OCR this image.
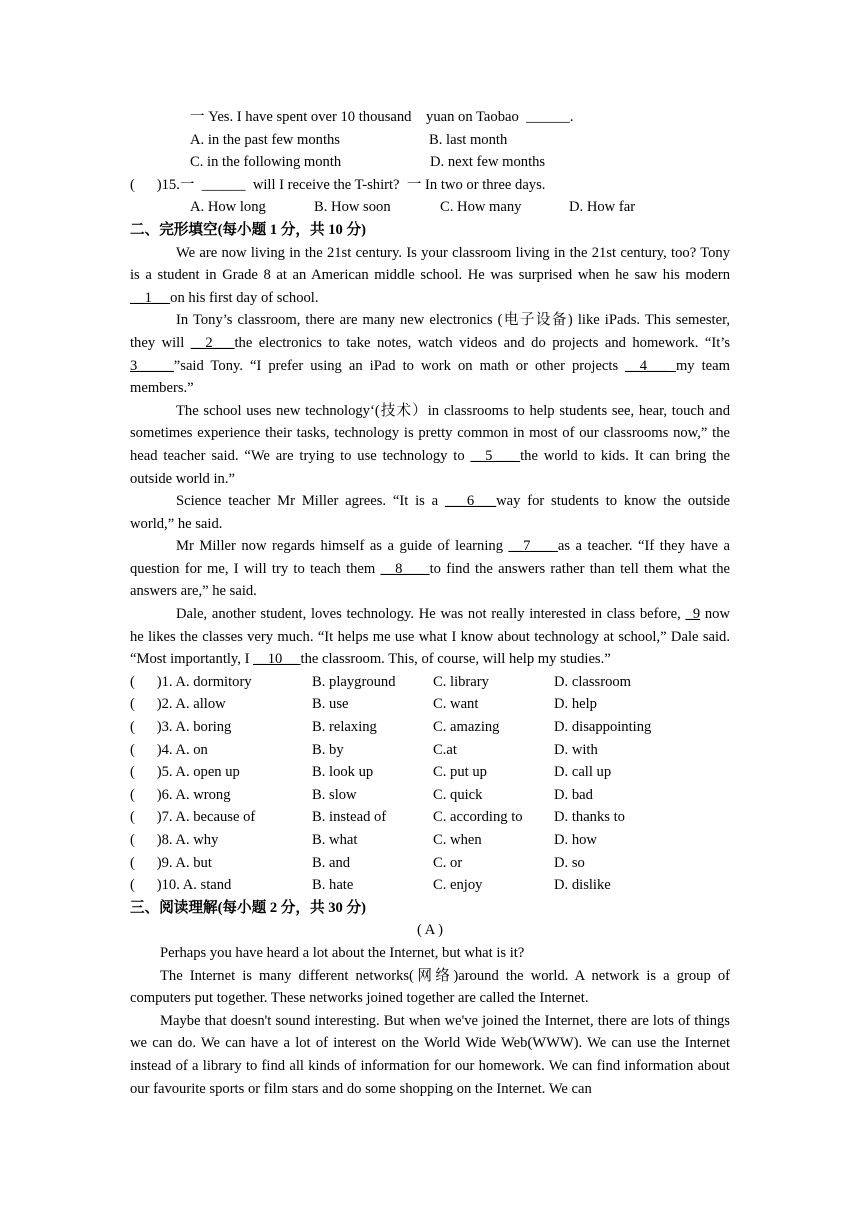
一 Yes. I have spent over 10 thousand    yuan on Taobao  ______.
A. in the past few months	B. last month
C. in the following month	D. next few months
(      )15.一  ______  will I receive the T-shirt?  一 In two or three days.
A. How long	B. How soon	C. How many	D. How far
二、完形填空(每小题 1 分，共 10 分)

We are now living in the 21st century. Is your classroom living in the 21st century, too? Tony is a student in Grade 8 at an American middle school. He was surprised when he saw his modern __1__ on his first day of school.

In Tony’s classroom, there are many new electronics (电子设备) like iPads. This semester, they will __2___the electronics to take notes, watch videos and do projects and homework. “It’s 3_____”said Tony. “I prefer using an iPad to work on math or other projects __4___ my team members.”

The school uses new technology‘(技术）in classrooms to help students see, hear, touch and sometimes experience their tasks, technology is pretty common in most of our classrooms now,” the head teacher said. “We are trying to use technology to __5___ the world to kids. It can bring the outside world in.”

Science teacher Mr Miller agrees. “It is a ___6___way for students to know the outside world,” he said.

Mr Miller now regards himself as a guide of learning __7___ as a teacher. “If they have a question for me, I will try to teach them __8___ to find the answers rather than tell them what the answers are,” he said.

Dale, another student, loves technology. He was not really interested in class before, _9 now he likes the classes very much. “It helps me use what I know about technology at school,” Dale said. “Most importantly, I __10__ the classroom. This, of course, will help my studies.”

(      )1. A. dormitory	B. playground	C. library	D. classroom
(      )2. A. allow	B. use	C. want	D. help
(      )3. A. boring	B. relaxing	C. amazing	D. disappointing
(      )4. A. on	B. by	C.at	D. with
(      )5. A. open up	B. look up	C. put up	D. call up
(      )6. A. wrong	B. slow	C. quick	D. bad
(      )7. A. because of	B. instead of	C. according to	D. thanks to
(      )8. A. why	B. what	C. when	D. how
(      )9. A. but	B. and	C. or	D. so
(      )10. A. stand	B. hate	C. enjoy	D. dislike
三、阅读理解(每小题 2 分，共 30 分)
( A )

Perhaps you have heard a lot about the Internet, but what is it?

The Internet is many different networks(网络)around the world. A network is a group of computers put together. These networks joined together are called the Internet.

Maybe that doesn't sound interesting. But when we've joined the Internet, there are lots of things we can do. We can have a lot of interest on the World Wide Web(WWW). We can use the Internet instead of a library to find all kinds of information for our homework. We can find information about our favourite sports or film stars and do some shopping on the Internet. We can
